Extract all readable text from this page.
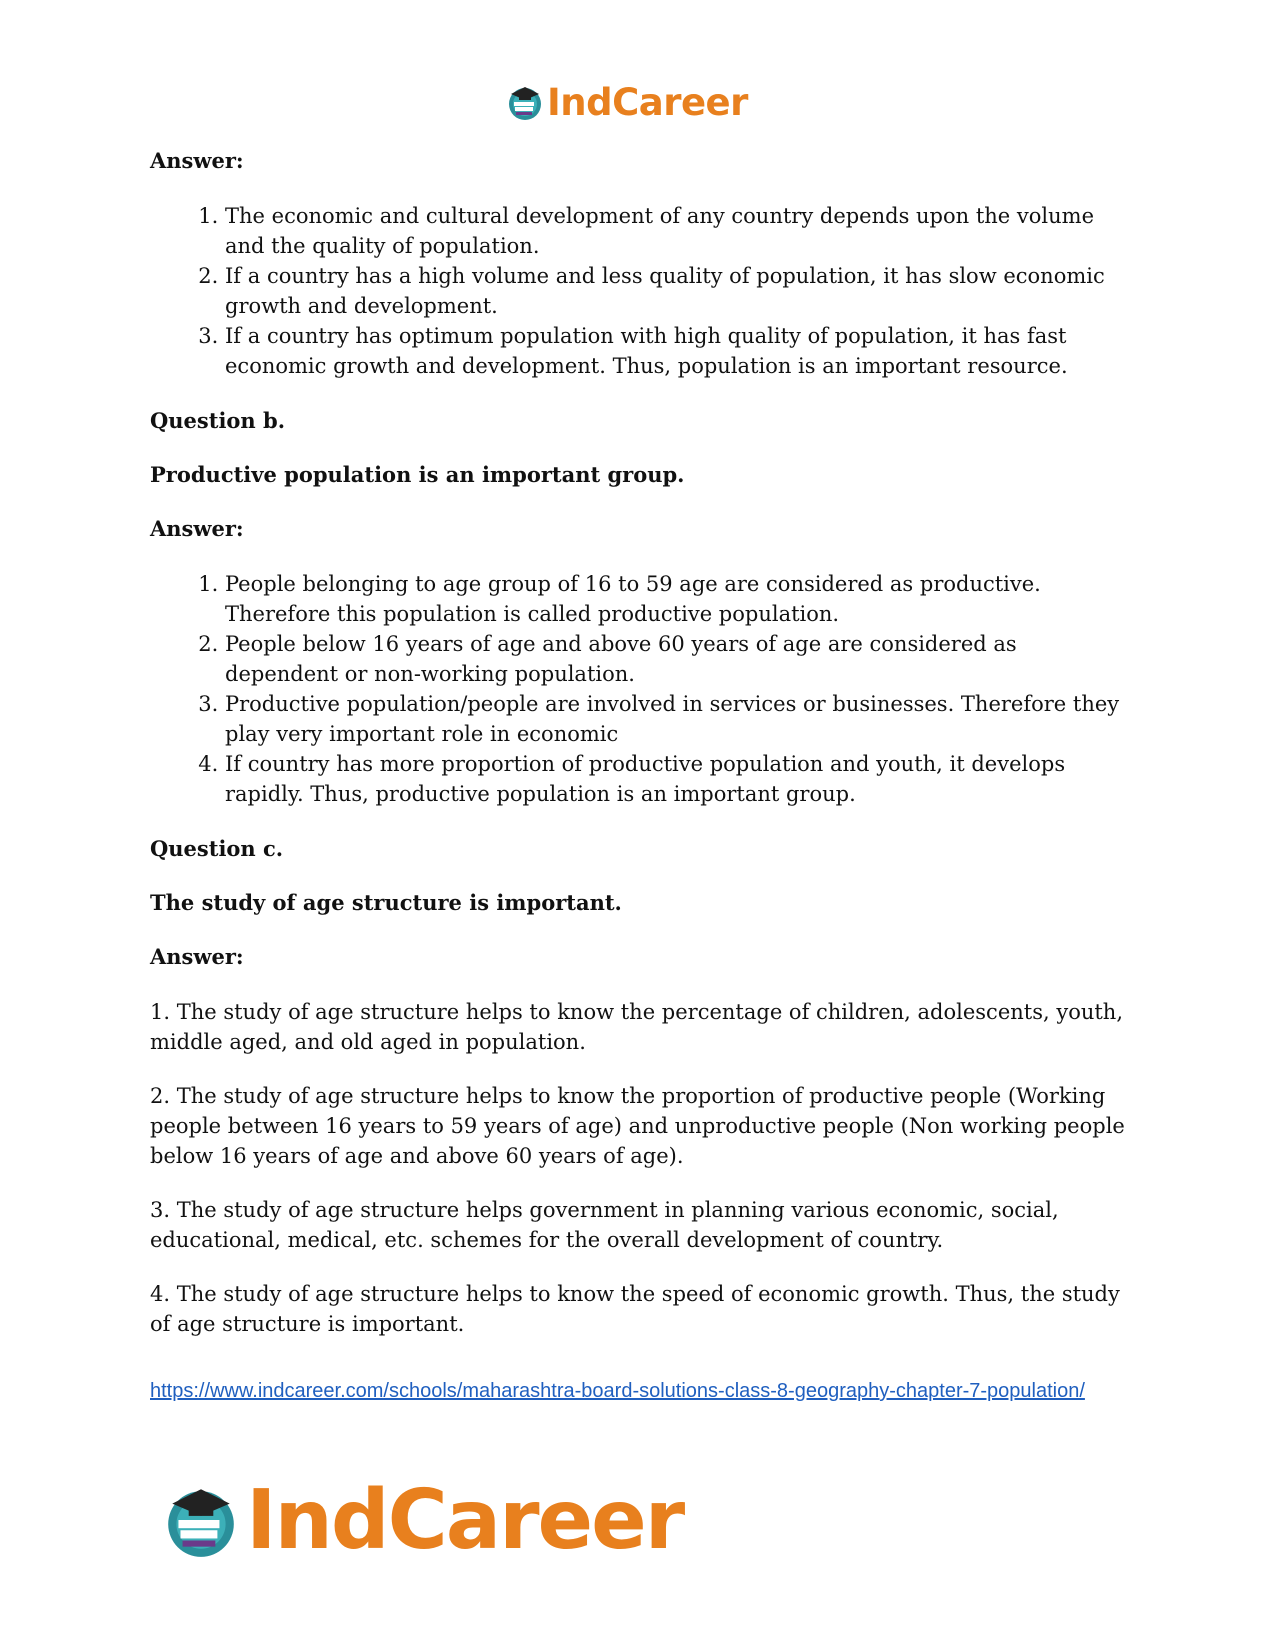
IndCareer

Answer:

1. The economic and cultural development of any country depends upon the volume and the quality of population.
2. If a country has a high volume and less quality of population, it has slow economic growth and development.
3. If a country has optimum population with high quality of population, it has fast economic growth and development. Thus, population is an important resource.

Question b.

Productive population is an important group.

Answer:

1. People belonging to age group of 16 to 59 age are considered as productive. Therefore this population is called productive population.
2. People below 16 years of age and above 60 years of age are considered as dependent or non-working population.
3. Productive population/people are involved in services or businesses. Therefore they play very important role in economic
4. If country has more proportion of productive population and youth, it develops rapidly. Thus, productive population is an important group.

Question c.

The study of age structure is important.

Answer:

1. The study of age structure helps to know the percentage of children, adolescents, youth, middle aged, and old aged in population.

2. The study of age structure helps to know the proportion of productive people (Working people between 16 years to 59 years of age) and unproductive people (Non working people below 16 years of age and above 60 years of age).

3. The study of age structure helps government in planning various economic, social, educational, medical, etc. schemes for the overall development of country.

4. The study of age structure helps to know the speed of economic growth. Thus, the study of age structure is important.

https://www.indcareer.com/schools/maharashtra-board-solutions-class-8-geography-chapter-7-population/
IndCareer
